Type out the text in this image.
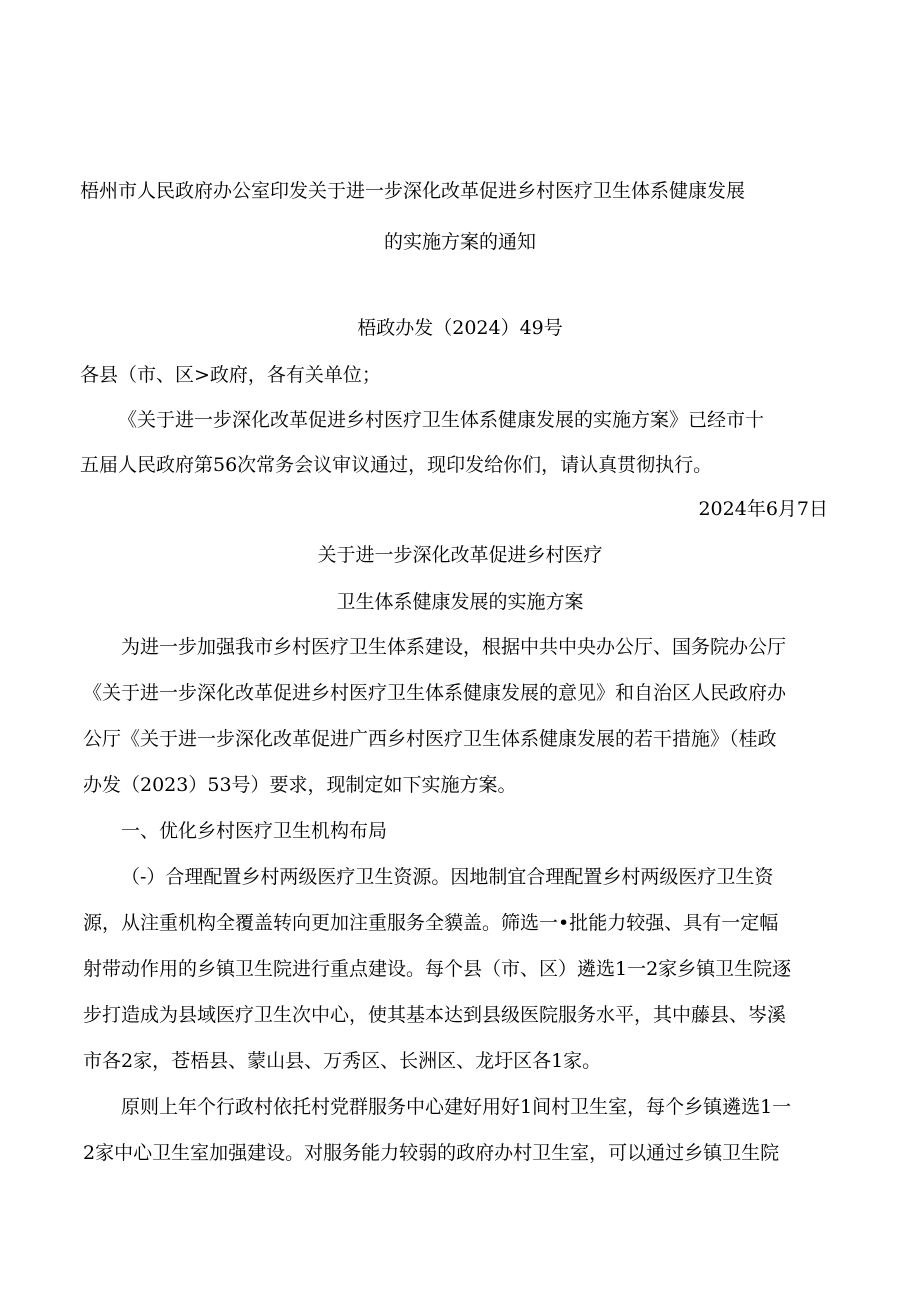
梧州市人民政府办公室印发关于进一步深化改革促进乡村医疗卫生体系健康发展
的实施方案的通知
梧政办发（2024）49号
各县（市、区>政府，各有关单位；
《关于进一步深化改革促进乡村医疗卫生体系健康发展的实施方案》已经市十
五届人民政府第56次常务会议审议通过，现印发给你们，请认真贯彻执行。
2024年6月7日
关于进一步深化改革促进乡村医疗
卫生体系健康发展的实施方案
为进一步加强我市乡村医疗卫生体系建设，根据中共中央办公厅、国务院办公厅
《关于进一步深化改革促进乡村医疗卫生体系健康发展的意见》和自治区人民政府办
公厅《关于进一步深化改革促进广西乡村医疗卫生体系健康发展的若干措施》（桂政
办发（2023）53号）要求，现制定如下实施方案。
一、优化乡村医疗卫生机构布局
（-）合理配置乡村两级医疗卫生资源。因地制宜合理配置乡村两级医疗卫生资
源，从注重机构全覆盖转向更加注重服务全貘盖。筛选一•批能力较强、具有一定幅
射带动作用的乡镇卫生院进行重点建设。每个县（市、区）遴选1一2家乡镇卫生院逐
步打造成为县域医疗卫生次中心，使其基本达到县级医院服务水平，其中藤县、岑溪
市各2家，苍梧县、蒙山县、万秀区、长洲区、龙圩区各1家。
原则上年个行政村依托村党群服务中心建好用好1间村卫生室，每个乡镇遴选1一
2家中心卫生室加强建设。对服务能力较弱的政府办村卫生室，可以通过乡镇卫生院
